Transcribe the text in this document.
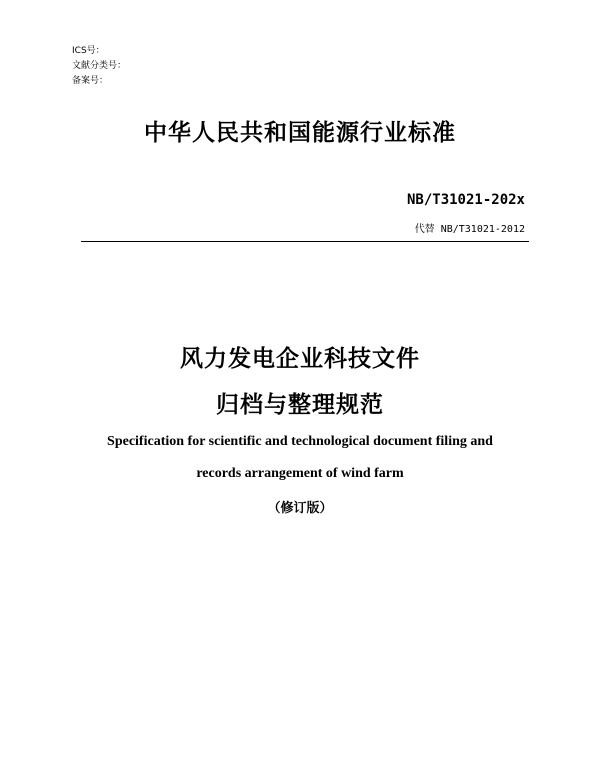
ICS号：
文献分类号：
备案号：
中华人民共和国能源行业标准
NB/T31021-202x
代替 NB/T31021-2012
风力发电企业科技文件
归档与整理规范
Specification for scientific and technological document filing and
records arrangement of wind farm
（修订版）
